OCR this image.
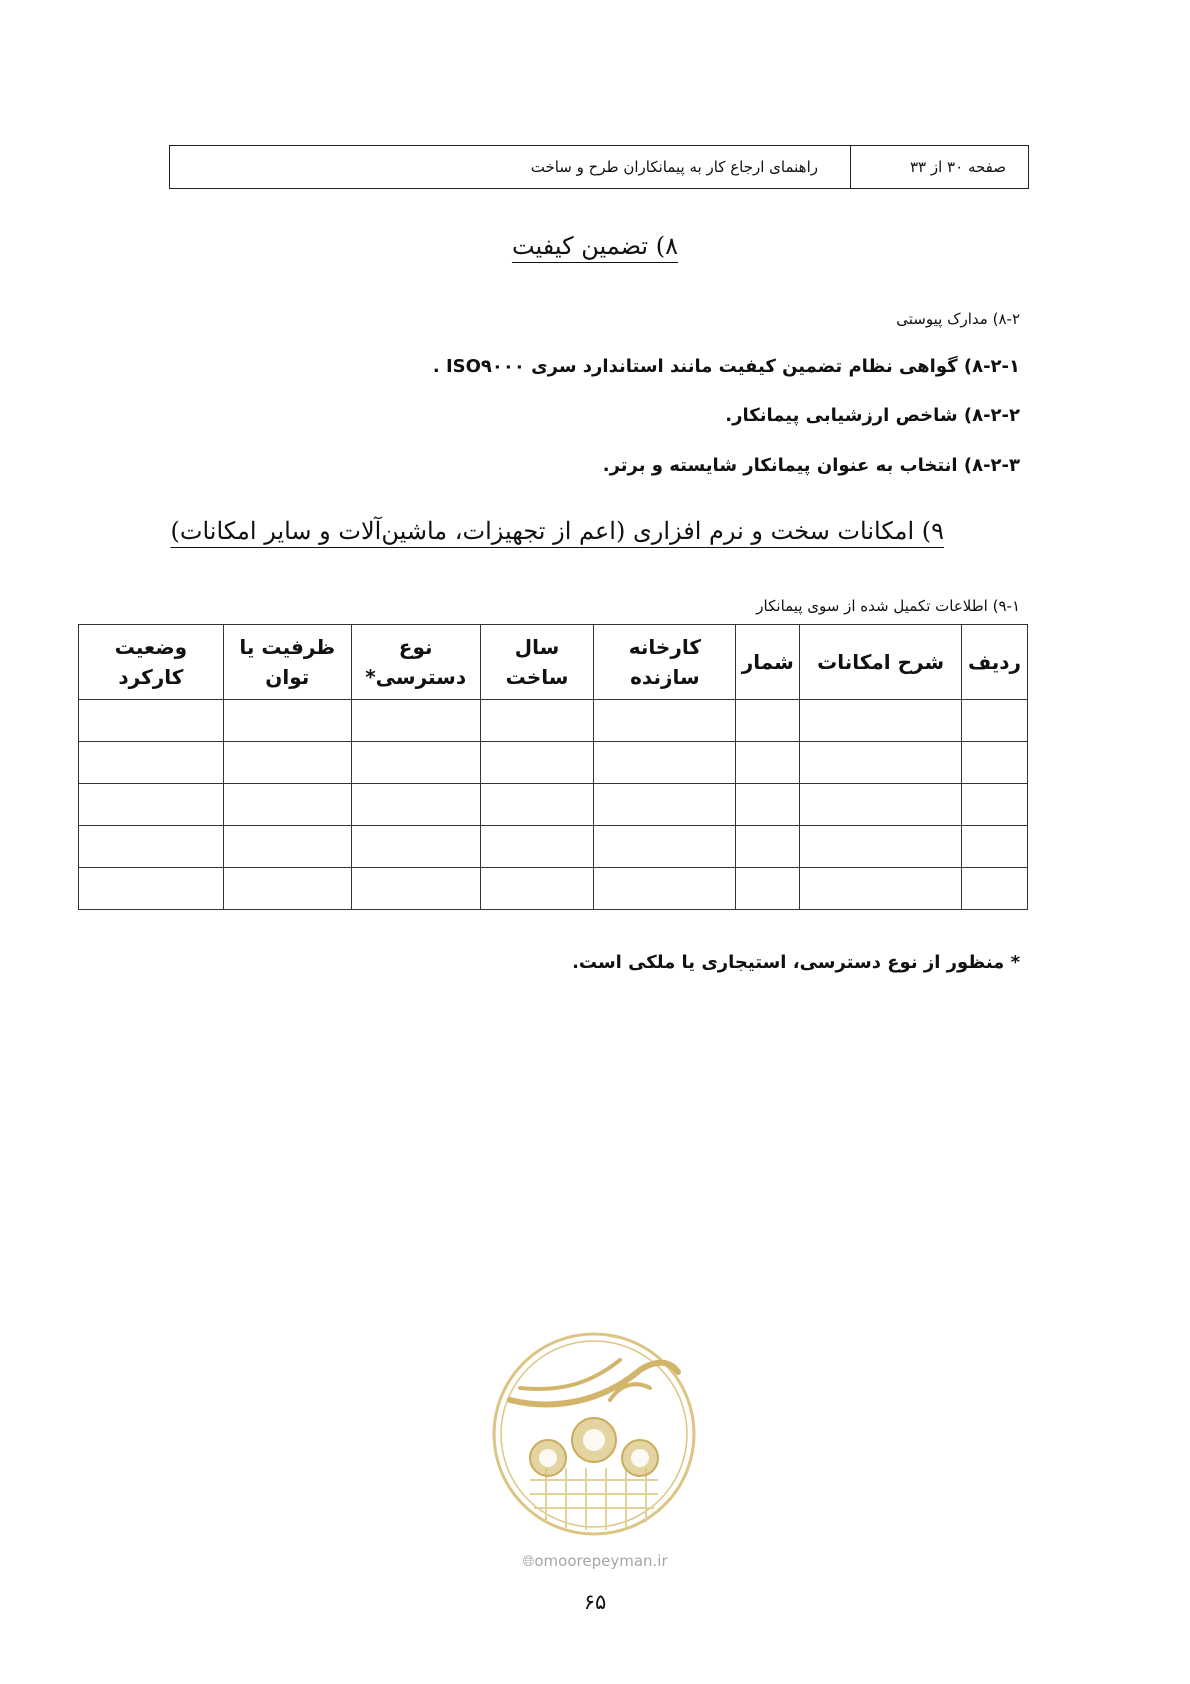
صفحه ۳۰ از ۳۳
راهنمای ارجاع کار به پیمانکاران طرح و ساخت
۸) تضمین کیفیت
۸-۲) مدارک پیوستی
۸-۲-۱) گواهی نظام تضمین کیفیت مانند استاندارد سری ISO۹۰۰۰ .
۸-۲-۲) شاخص ارزشیابی پیمانکار.
۸-۲-۳) انتخاب به عنوان پیمانکار شایسته و برتر.
۹) امکانات سخت و نرم افزاری (اعم از تجهیزات، ماشین‌آلات و سایر امکانات)
۹-۱) اطلاعات تکمیل شده از سوی پیمانکار
ردیف	شرح امکانات	شمار	کارخانه سازنده	سال ساخت	نوع دسترسی*	ظرفیت یا توان	وضعیت کارکرد

* منظور از نوع دسترسی، استیجاری یا ملکی است.
🌐︎omoorepeyman.ir
۶۵
